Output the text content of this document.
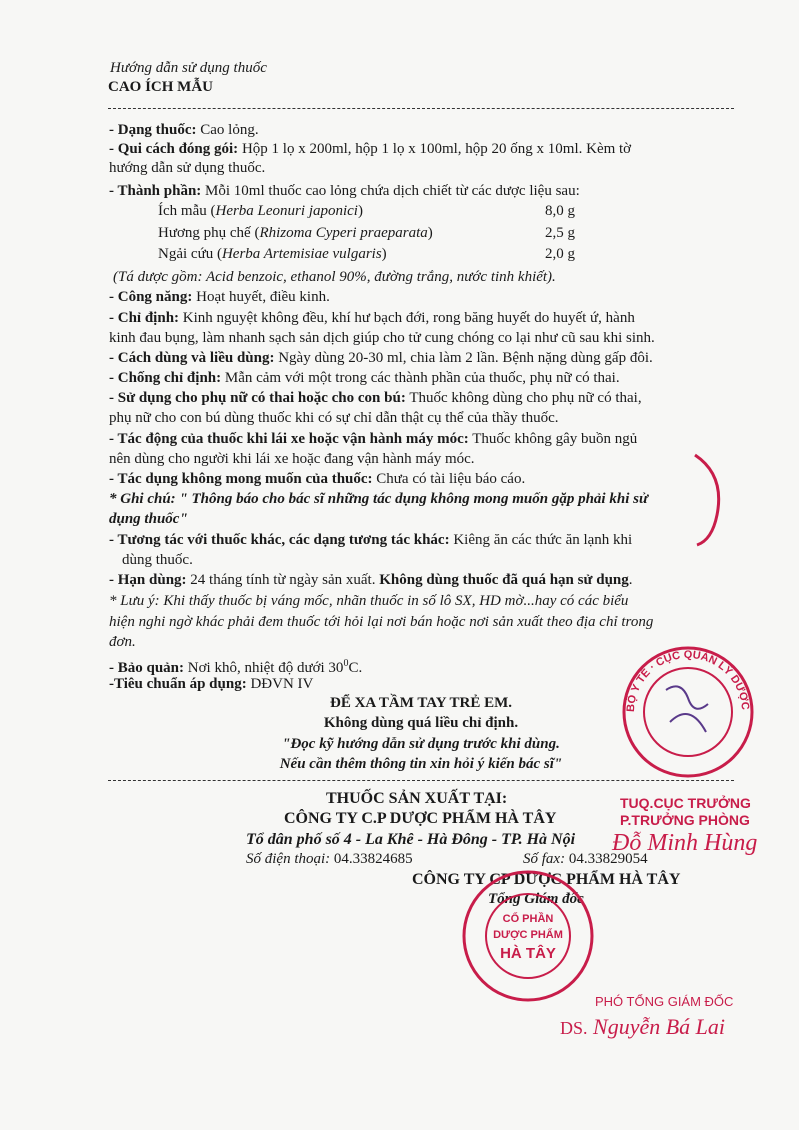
Hướng dẫn sử dụng thuốc
CAO ÍCH MẪU
- Dạng thuốc: Cao lỏng.
- Qui cách đóng gói: Hộp 1 lọ x 200ml, hộp 1 lọ x 100ml, hộp 20 ống x 10ml. Kèm tờ
hướng dẫn sử dụng thuốc.
- Thành phần: Mỗi 10ml thuốc cao lỏng chứa dịch chiết từ các dược liệu sau:
Ích mẫu (Herba Leonuri japonici)	8,0 g
Hương phụ chế (Rhizoma Cyperi praeparata)	2,5 g
Ngải cứu (Herba Artemisiae vulgaris)	2,0 g
(Tá dược gồm: Acid benzoic, ethanol 90%, đường trắng, nước tinh khiết).
- Công năng: Hoạt huyết, điều kinh.
- Chỉ định: Kinh nguyệt không đều, khí hư bạch đới, rong băng huyết do huyết ứ, hành
kinh đau bụng, làm nhanh sạch sản dịch giúp cho tử cung chóng co lại như cũ sau khi sinh.
- Cách dùng và liều dùng: Ngày dùng 20-30 ml, chia làm 2 lần. Bệnh nặng dùng gấp đôi.
- Chống chỉ định: Mẫn cảm với một trong các thành phần của thuốc, phụ nữ có thai.
- Sử dụng cho phụ nữ có thai hoặc cho con bú: Thuốc không dùng cho phụ nữ có thai,
phụ nữ cho con bú dùng thuốc khi có sự chỉ dẫn thật cụ thể của thầy thuốc.
- Tác động của thuốc khi lái xe hoặc vận hành máy móc: Thuốc không gây buồn ngủ
nên dùng cho người khi lái xe hoặc đang vận hành máy móc.
- Tác dụng không mong muốn của thuốc: Chưa có tài liệu báo cáo.
* Ghi chú: " Thông báo cho bác sĩ những tác dụng không mong muốn gặp phải khi sử
dụng thuốc"
- Tương tác với thuốc khác, các dạng tương tác khác: Kiêng ăn các thức ăn lạnh khi
dùng thuốc.
- Hạn dùng: 24 tháng tính từ ngày sản xuất. Không dùng thuốc đã quá hạn sử dụng.
* Lưu ý: Khi thấy thuốc bị váng mốc, nhãn thuốc in số lô SX, HD mờ...hay có các biểu
hiện nghi ngờ khác phải đem thuốc tới hỏi lại nơi bán hoặc nơi sản xuất theo địa chỉ trong
đơn.
- Bảo quản: Nơi khô, nhiệt độ dưới $30^0C$.
-Tiêu chuẩn áp dụng: DĐVN IV
ĐỂ XA TẦM TAY TRẺ EM.
Không dùng quá liều chỉ định.
"Đọc kỹ hướng dẫn sử dụng trước khi dùng.
Nếu cần thêm thông tin xin hỏi ý kiến bác sĩ"
THUỐC SẢN XUẤT TẠI:
CÔNG TY C.P DƯỢC PHẨM HÀ TÂY
Tổ dân phố số 4 - La Khê - Hà Đông - TP. Hà Nội
Số điện thoại: 04.33824685	Số fax: 04.33829054
CÔNG TY CP DƯỢC PHẨM HÀ TÂY
Tổng Giám đốc
TUQ.CỤC TRƯỞNG
P.TRƯỞNG PHÒNG
Đỗ Minh Hùng
BỘ Y TẾ · CỤC QUẢN LÝ DƯỢC
CỔ PHẦN
DƯỢC PHẨM
HÀ TÂY
PHÓ TỔNG GIÁM ĐỐC
DS. Nguyễn Bá Lai
